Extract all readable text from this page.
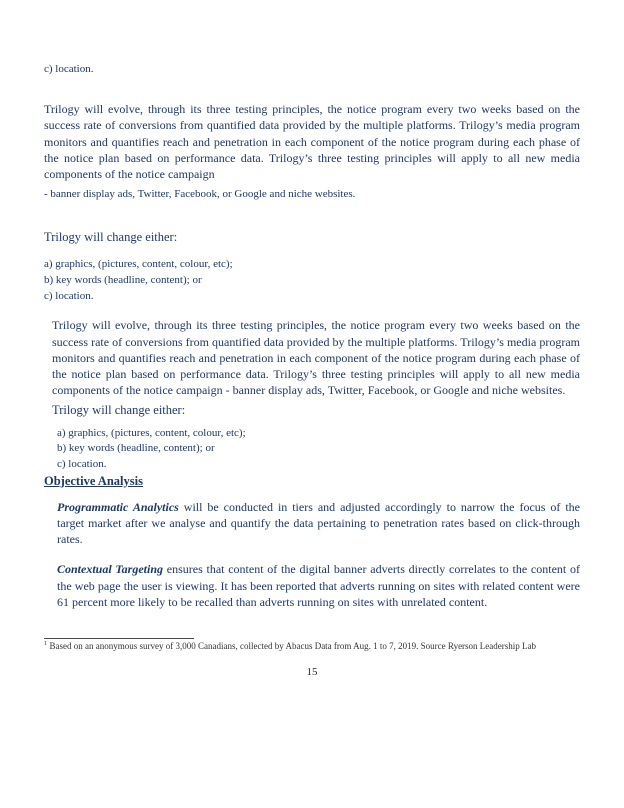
c) location.

Trilogy will evolve, through its three testing principles, the notice program every two weeks based on the success rate of conversions from quantified data provided by the multiple platforms. Trilogy’s media program monitors and quantifies reach and penetration in each component of the notice program during each phase of the notice plan based on performance data. Trilogy’s three testing principles will apply to all new media components of the notice campaign

- banner display ads, Twitter, Facebook, or Google and niche websites.

Trilogy will change either:

a) graphics, (pictures, content, colour, etc);
b) key words (headline, content); or
c) location.

Trilogy will evolve, through its three testing principles, the notice program every two weeks based on the success rate of conversions from quantified data provided by the multiple platforms. Trilogy’s media program monitors and quantifies reach and penetration in each component of the notice program during each phase of the notice plan based on performance data. Trilogy’s three testing principles will apply to all new media components of the notice campaign - banner display ads, Twitter, Facebook, or Google and niche websites.

Trilogy will change either:

a) graphics, (pictures, content, colour, etc);
b) key words (headline, content); or
c) location.
Objective Analysis

Programmatic Analytics will be conducted in tiers and adjusted accordingly to narrow the focus of the target market after we analyse and quantify the data pertaining to penetration rates based on click-through rates.

Contextual Targeting ensures that content of the digital banner adverts directly correlates to the content of the web page the user is viewing. It has been reported that adverts running on sites with related content were 61 percent more likely to be recalled than adverts running on sites with unrelated content.

$^1$ Based on an anonymous survey of 3,000 Canadians, collected by Abacus Data from Aug. 1 to 7, 2019. Source Ryerson Leadership Lab

15
